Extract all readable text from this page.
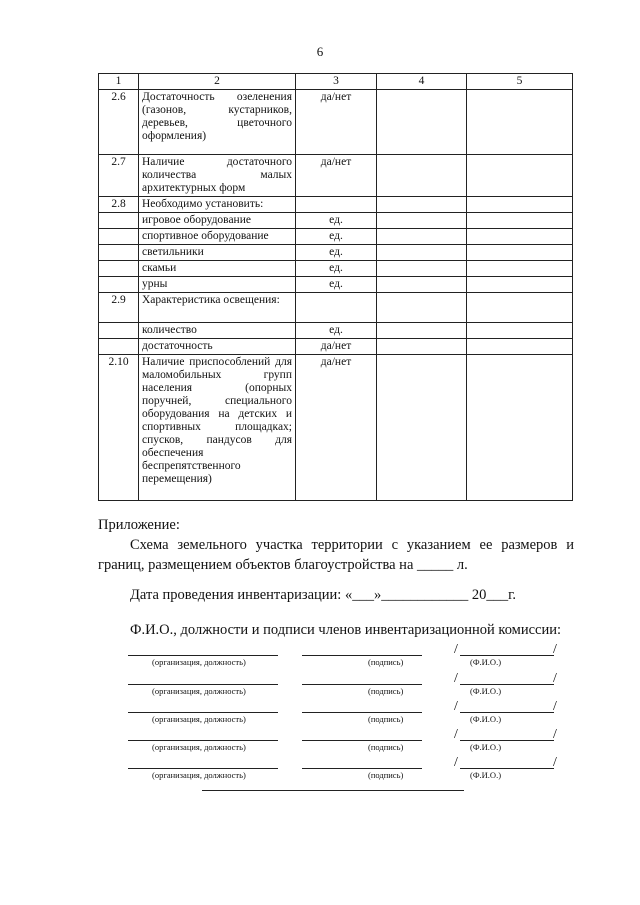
6
1	2	3	4	5
2.6	Достаточность озеленения (газонов, кустарников, деревьев, цветочного оформления)	да/нет		
2.7	Наличие достаточного количества малых архитектурных форм	да/нет		
2.8	Необходимо установить:			
	игровое оборудование	ед.		
	спортивное оборудование	ед.		
	светильники	ед.		
	скамьи	ед.		
	урны	ед.		
2.9	Характеристика освещения:			
	количество	ед.		
	достаточность	да/нет		
2.10	Наличие приспособлений для маломобильных групп населения (опорных поручней, специального оборудования на детских и спортивных площадках; спусков, пандусов для обеспечения беспрепятственного перемещения)	да/нет		
Приложение:
Схема земельного участка территории с указанием ее размеров и границ, размещением объектов благоустройства на _____ л.
Дата проведения инвентаризации: «___»____________ 20___г.
Ф.И.О., должности и подписи членов инвентаризационной комиссии:
/	/
(организация, должность)	(подпись)	(Ф.И.О.)
/	/
(организация, должность)	(подпись)	(Ф.И.О.)
/	/
(организация, должность)	(подпись)	(Ф.И.О.)
/	/
(организация, должность)	(подпись)	(Ф.И.О.)
/	/
(организация, должность)	(подпись)	(Ф.И.О.)
